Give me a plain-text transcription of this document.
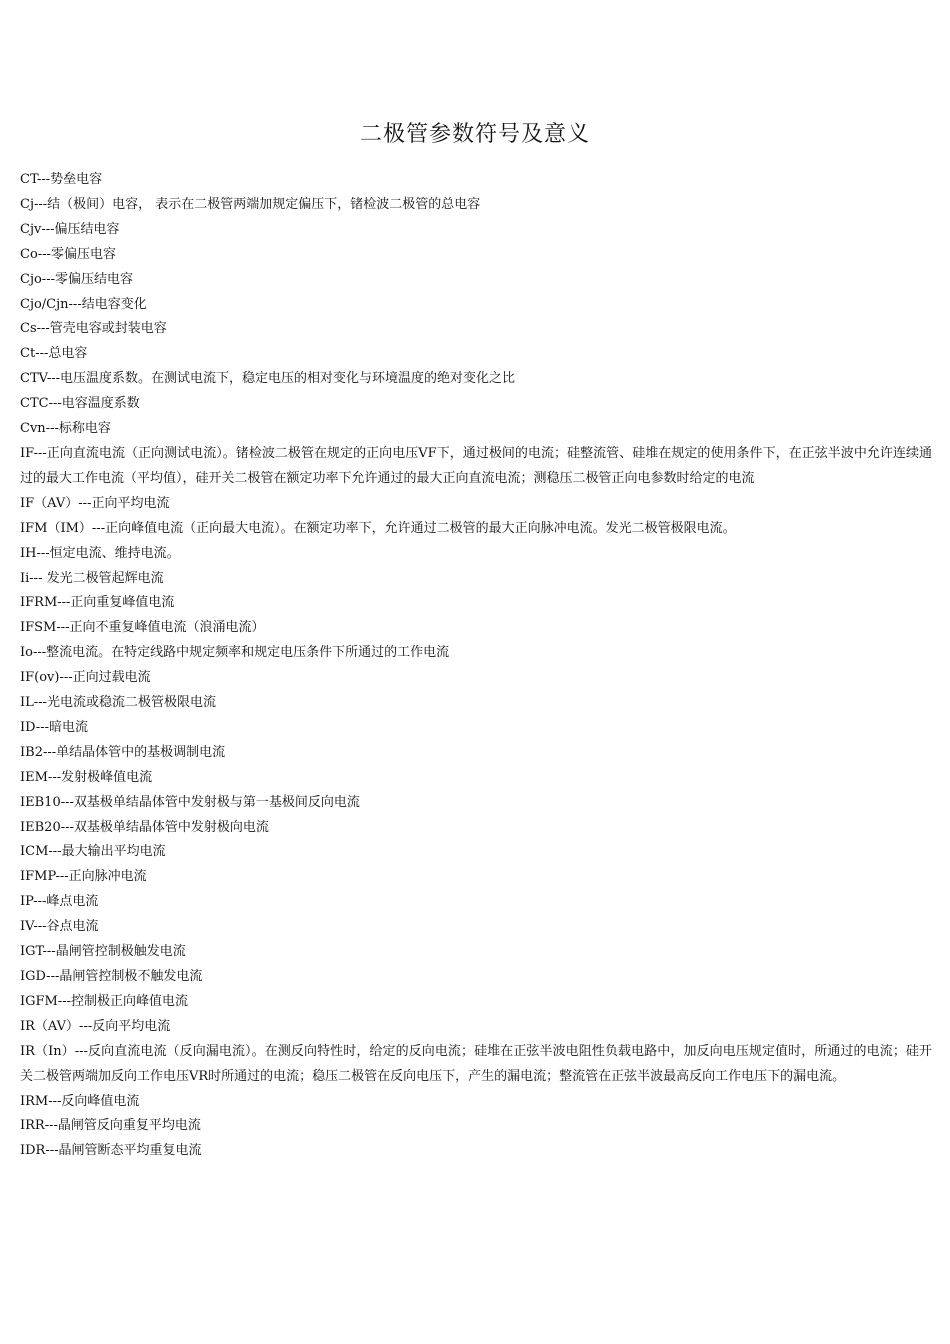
二极管参数符号及意义
CT---势垒电容
Cj---结（极间）电容， 表示在二极管两端加规定偏压下，锗检波二极管的总电容
Cjv---偏压结电容
Co---零偏压电容
Cjo---零偏压结电容
Cjo/Cjn---结电容变化
Cs---管壳电容或封装电容
Ct---总电容
CTV---电压温度系数。在测试电流下，稳定电压的相对变化与环境温度的绝对变化之比
CTC---电容温度系数
Cvn---标称电容
IF---正向直流电流（正向测试电流）。锗检波二极管在规定的正向电压VF下，通过极间的电流；硅整流管、硅堆在规定的使用条件下，在正弦半波中允许连续通过的最大工作电流（平均值），硅开关二极管在额定功率下允许通过的最大正向直流电流；测稳压二极管正向电参数时给定的电流
IF（AV）---正向平均电流
IFM（IM）---正向峰值电流（正向最大电流）。在额定功率下，允许通过二极管的最大正向脉冲电流。发光二极管极限电流。
IH---恒定电流、维持电流。
Ii--- 发光二极管起辉电流
IFRM---正向重复峰值电流
IFSM---正向不重复峰值电流（浪涌电流）
Io---整流电流。在特定线路中规定频率和规定电压条件下所通过的工作电流
IF(ov)---正向过载电流
IL---光电流或稳流二极管极限电流
ID---暗电流
IB2---单结晶体管中的基极调制电流
IEM---发射极峰值电流
IEB10---双基极单结晶体管中发射极与第一基极间反向电流
IEB20---双基极单结晶体管中发射极向电流
ICM---最大输出平均电流
IFMP---正向脉冲电流
IP---峰点电流
IV---谷点电流
IGT---晶闸管控制极触发电流
IGD---晶闸管控制极不触发电流
IGFM---控制极正向峰值电流
IR（AV）---反向平均电流
IR（In）---反向直流电流（反向漏电流）。在测反向特性时，给定的反向电流；硅堆在正弦半波电阻性负载电路中，加反向电压规定值时，所通过的电流；硅开关二极管两端加反向工作电压VR时所通过的电流；稳压二极管在反向电压下，产生的漏电流；整流管在正弦半波最高反向工作电压下的漏电流。
IRM---反向峰值电流
IRR---晶闸管反向重复平均电流
IDR---晶闸管断态平均重复电流
